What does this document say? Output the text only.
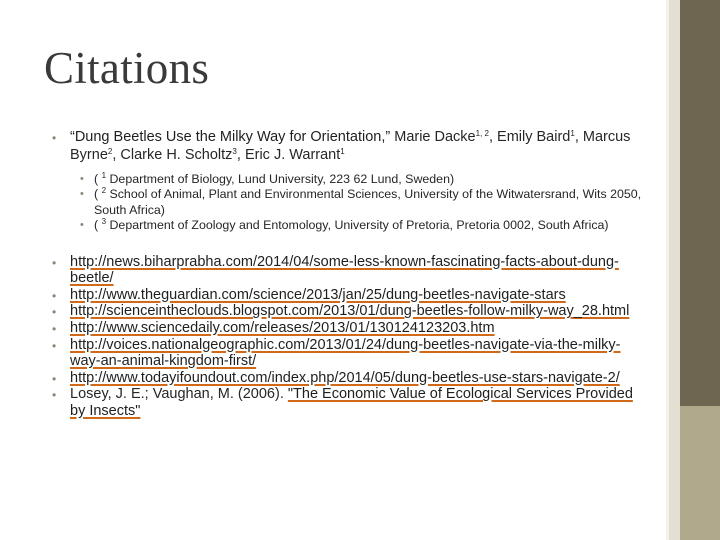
Citations
• “Dung Beetles Use the Milky Way for Orientation,” Marie Dacke$^{1, 2}$, Emily Baird$^1$, Marcus Byrne$^2$, Clarke H. Scholtz$^3$, Eric J. Warrant$^1$
• ( $^1$ Department of Biology, Lund University, 223 62 Lund, Sweden)
• ( $^2$ School of Animal, Plant and Environmental Sciences, University of the Witwatersrand, Wits 2050, South Africa)
• ( $^3$ Department of Zoology and Entomology, University of Pretoria, Pretoria 0002, South Africa)
• http://news.biharprabha.com/2014/04/some-less-known-fascinating-facts-about-dung-beetle/
• http://www.theguardian.com/science/2013/jan/25/dung-beetles-navigate-stars
• http://scienceintheclouds.blogspot.com/2013/01/dung-beetles-follow-milky-way_28.html
• http://www.sciencedaily.com/releases/2013/01/130124123203.htm
• http://voices.nationalgeographic.com/2013/01/24/dung-beetles-navigate-via-the-milky-way-an-animal-kingdom-first/
• http://www.todayifoundout.com/index.php/2014/05/dung-beetles-use-stars-navigate-2/
• Losey, J. E.; Vaughan, M. (2006). "The Economic Value of Ecological Services Provided by Insects"
